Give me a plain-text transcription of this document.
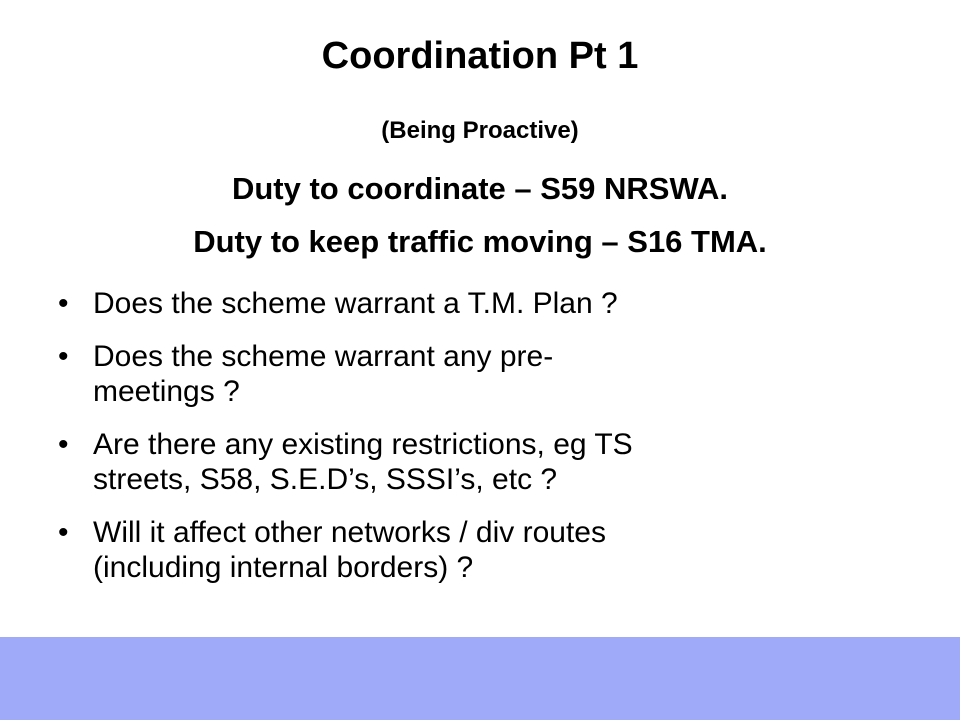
Coordination Pt 1
(Being Proactive)
Duty to coordinate – S59 NRSWA.
Duty to keep traffic moving – S16 TMA.
• Does the scheme warrant a T.M. Plan ?
• Does the scheme warrant any pre-
meetings ?
• Are there any existing restrictions, eg TS
streets, S58, S.E.D’s, SSSI’s, etc ?
• Will it affect other networks / div routes
(including internal borders) ?
